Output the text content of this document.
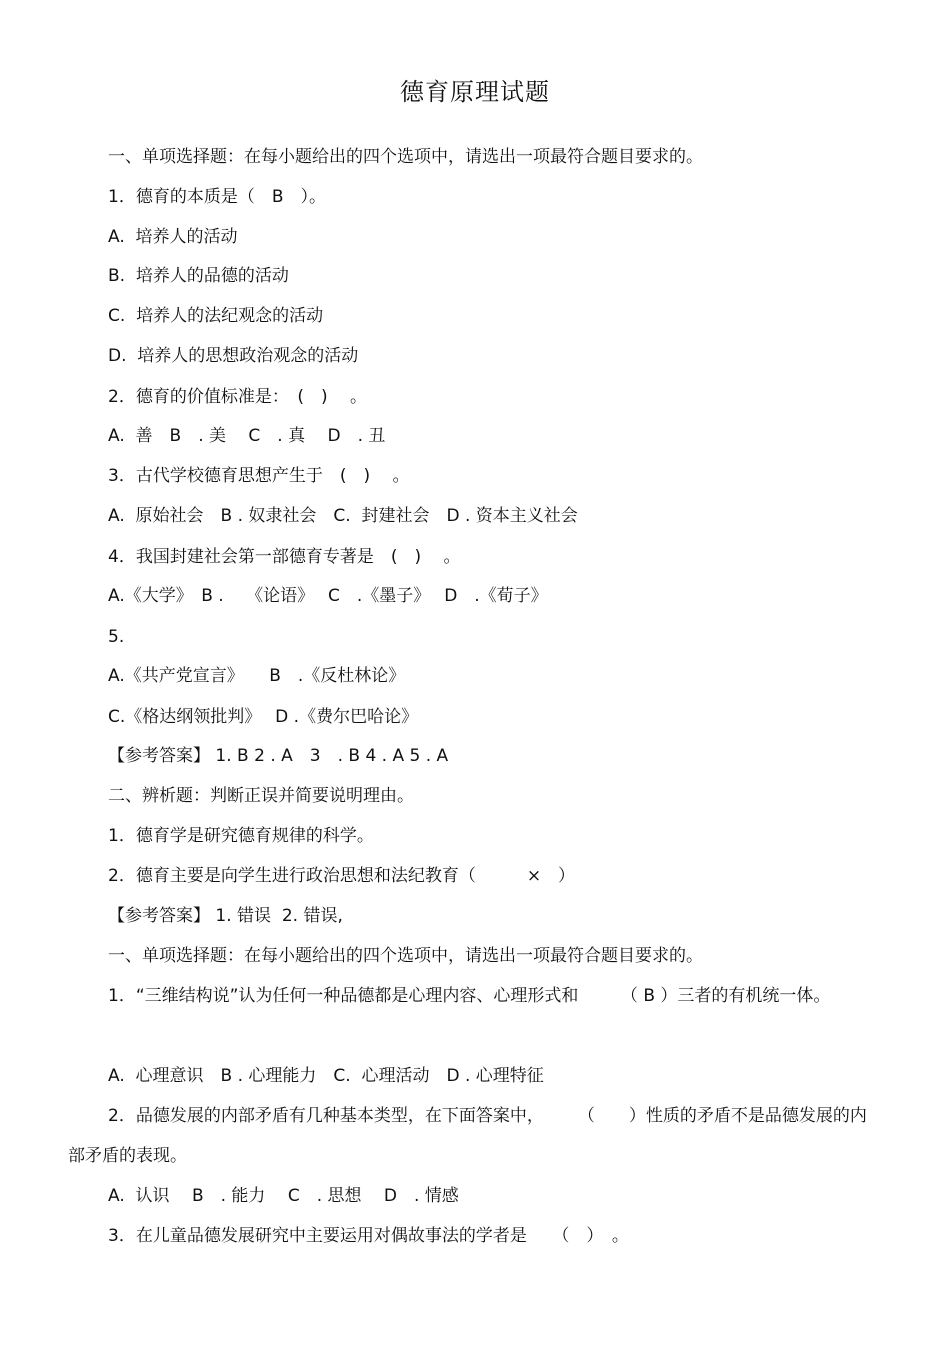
德育原理试题
一、单项选择题：在每小题给出的四个选项中，请选出一项最符合题目要求的。
1．德育的本质是（　B　）。
A.  培养人的活动
B.  培养人的品德的活动
C.  培养人的法纪观念的活动
D.  培养人的思想政治观念的活动
2．德育的价值标准是：　(　)　 。
A.  善　B　. 美　 C　. 真　 D　. 丑
3．古代学校德育思想产生于　(　)　 。
A.  原始社会　B . 奴隶社会　C.  封建社会　D . 资本主义社会
4．我国封建社会第一部德育专著是　(　)　 。
A.《大学》　B .　 《论语》　 C　.《墨子》　 D　.《荀子》
5.
A.《共产党宣言》　　B　.《反杜林论》
C.《格达纲领批判》　 D .《费尔巴哈论》
【参考答案】 1. B 2 . A　3　. B 4 . A 5 . A
二、辨析题：判断正误并简要说明理由。
1．德育学是研究德育规律的科学。
2．德育主要是向学生进行政治思想和法纪教育（　　　×　）
【参考答案】 1. 错误  2. 错误,
一、单项选择题：在每小题给出的四个选项中，请选出一项最符合题目要求的。
1．“三维结构说”认为任何一种品德都是心理内容、心理形式和　　　（ B ）三者的有机统一体。
A.  心理意识　B . 心理能力　C.  心理活动　D . 心理特征
2．品德发展的内部矛盾有几种基本类型，在下面答案中，　　　（　　）性质的矛盾不是品德发展的内部矛盾的表现。
A.  认识　 B　. 能力　 C　. 思想　 D　. 情感
3．在儿童品德发展研究中主要运用对偶故事法的学者是　　（　）　。
